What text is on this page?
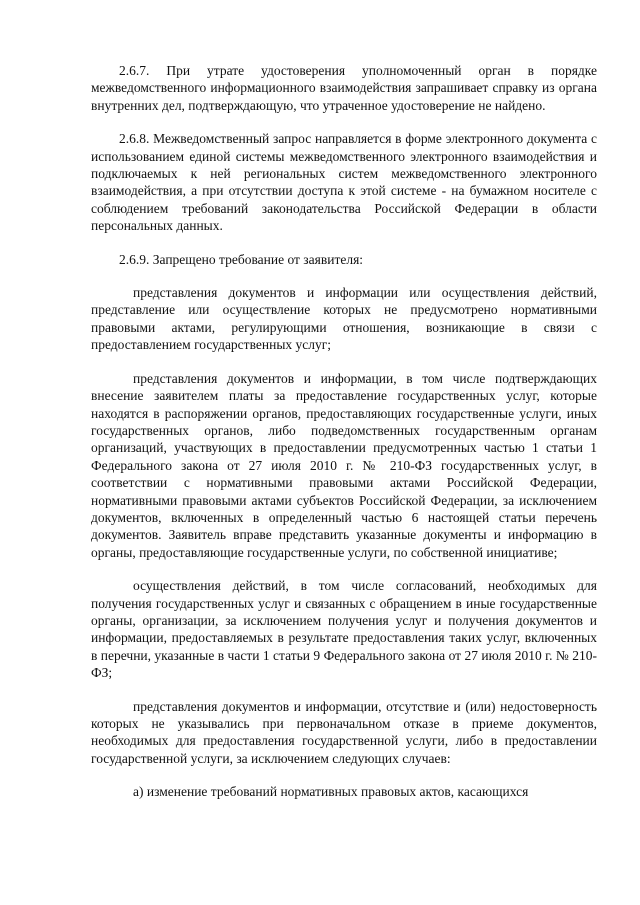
2.6.7. При утрате удостоверения уполномоченный орган в порядке межведомственного информационного взаимодействия запрашивает справку из органа внутренних дел, подтверждающую, что утраченное удостоверение не найдено.

2.6.8. Межведомственный запрос направляется в форме электронного документа с использованием единой системы межведомственного электронного взаимодействия и подключаемых к ней региональных систем межведомственного электронного взаимодействия, а при отсутствии доступа к этой системе - на бумажном носителе с соблюдением требований законодательства Российской Федерации в области персональных данных.

2.6.9. Запрещено требование от заявителя:

представления документов и информации или осуществления действий, представление или осуществление которых не предусмотрено нормативными правовыми актами, регулирующими отношения, возникающие в связи с предоставлением государственных услуг;

представления документов и информации, в том числе подтверждающих внесение заявителем платы за предоставление государственных услуг, которые находятся в распоряжении органов, предоставляющих государственные услуги, иных государственных органов, либо подведомственных государственным органам организаций, участвующих в предоставлении предусмотренных частью 1 статьи 1 Федерального закона от 27 июля 2010 г. № 210-ФЗ государственных услуг, в соответствии с нормативными правовыми актами Российской Федерации, нормативными правовыми актами субъектов Российской Федерации, за исключением документов, включенных в определенный частью 6 настоящей статьи перечень документов. Заявитель вправе представить указанные документы и информацию в органы, предоставляющие государственные услуги, по собственной инициативе;

осуществления действий, в том числе согласований, необходимых для получения государственных услуг и связанных с обращением в иные государственные органы, организации, за исключением получения услуг и получения документов и информации, предоставляемых в результате предоставления таких услуг, включенных в перечни, указанные в части 1 статьи 9 Федерального закона от 27 июля 2010 г. № 210-ФЗ;

представления документов и информации, отсутствие и (или) недостоверность которых не указывались при первоначальном отказе в приеме документов, необходимых для предоставления государственной услуги, либо в предоставлении государственной услуги, за исключением следующих случаев:

а) изменение требований нормативных правовых актов, касающихся
